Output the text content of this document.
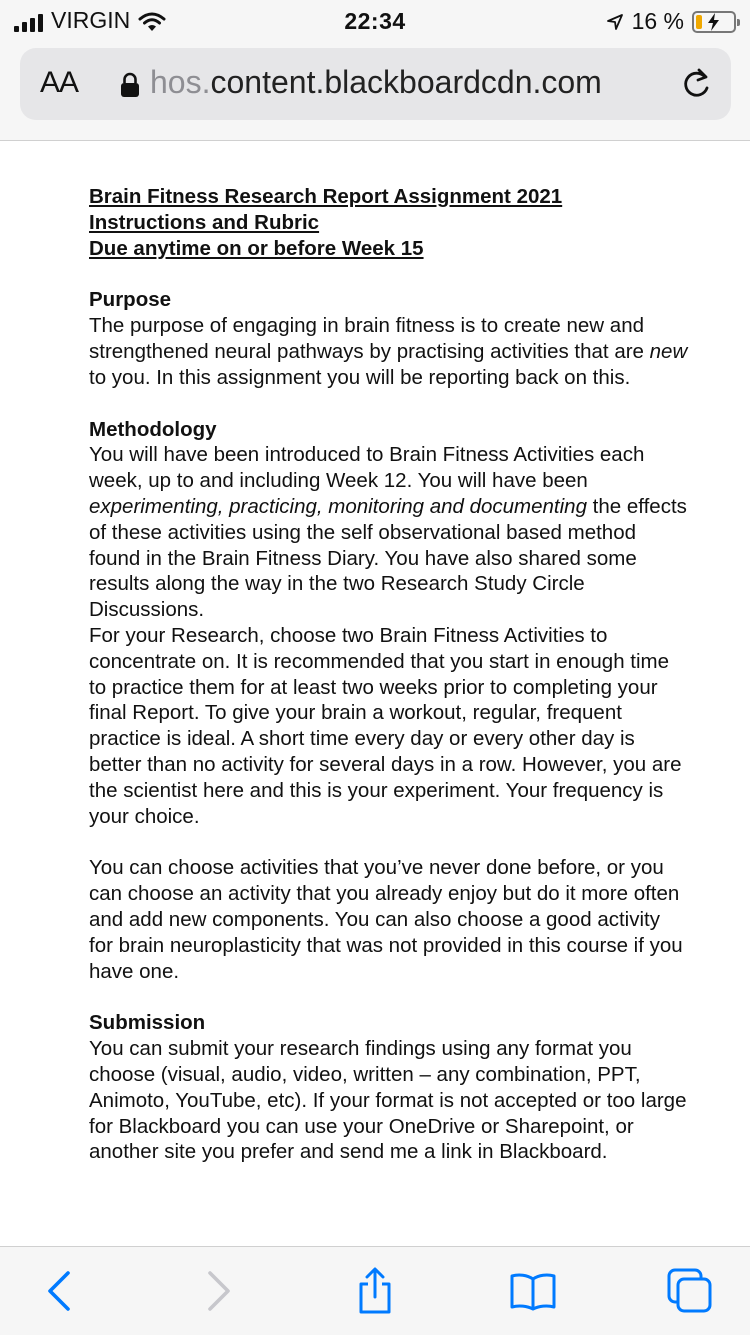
VIRGIN	22:34	16 %
AA hos.content.blackboardcdn.com

Brain Fitness Research Report Assignment 2021

Instructions and Rubric

Due anytime on or before Week 15

Purpose

The purpose of engaging in brain fitness is to create new and strengthened neural pathways by practising activities that are new to you. In this assignment you will be reporting back on this.

Methodology

You will have been introduced to Brain Fitness Activities each week, up to and including Week 12. You will have been experimenting, practicing, monitoring and documenting the effects of these activities using the self observational based method found in the Brain Fitness Diary. You have also shared some results along the way in the two Research Study Circle Discussions.

For your Research, choose two Brain Fitness Activities to concentrate on. It is recommended that you start in enough time to practice them for at least two weeks prior to completing your final Report. To give your brain a workout, regular, frequent practice is ideal. A short time every day or every other day is better than no activity for several days in a row. However, you are the scientist here and this is your experiment. Your frequency is your choice.

You can choose activities that you’ve never done before, or you can choose an activity that you already enjoy but do it more often and add new components. You can also choose a good activity for brain neuroplasticity that was not provided in this course if you have one.

Submission

You can submit your research findings using any format you choose (visual, audio, video, written – any combination, PPT, Animoto, YouTube, etc). If your format is not accepted or too large for Blackboard you can use your OneDrive or Sharepoint, or another site you prefer and send me a link in Blackboard.
